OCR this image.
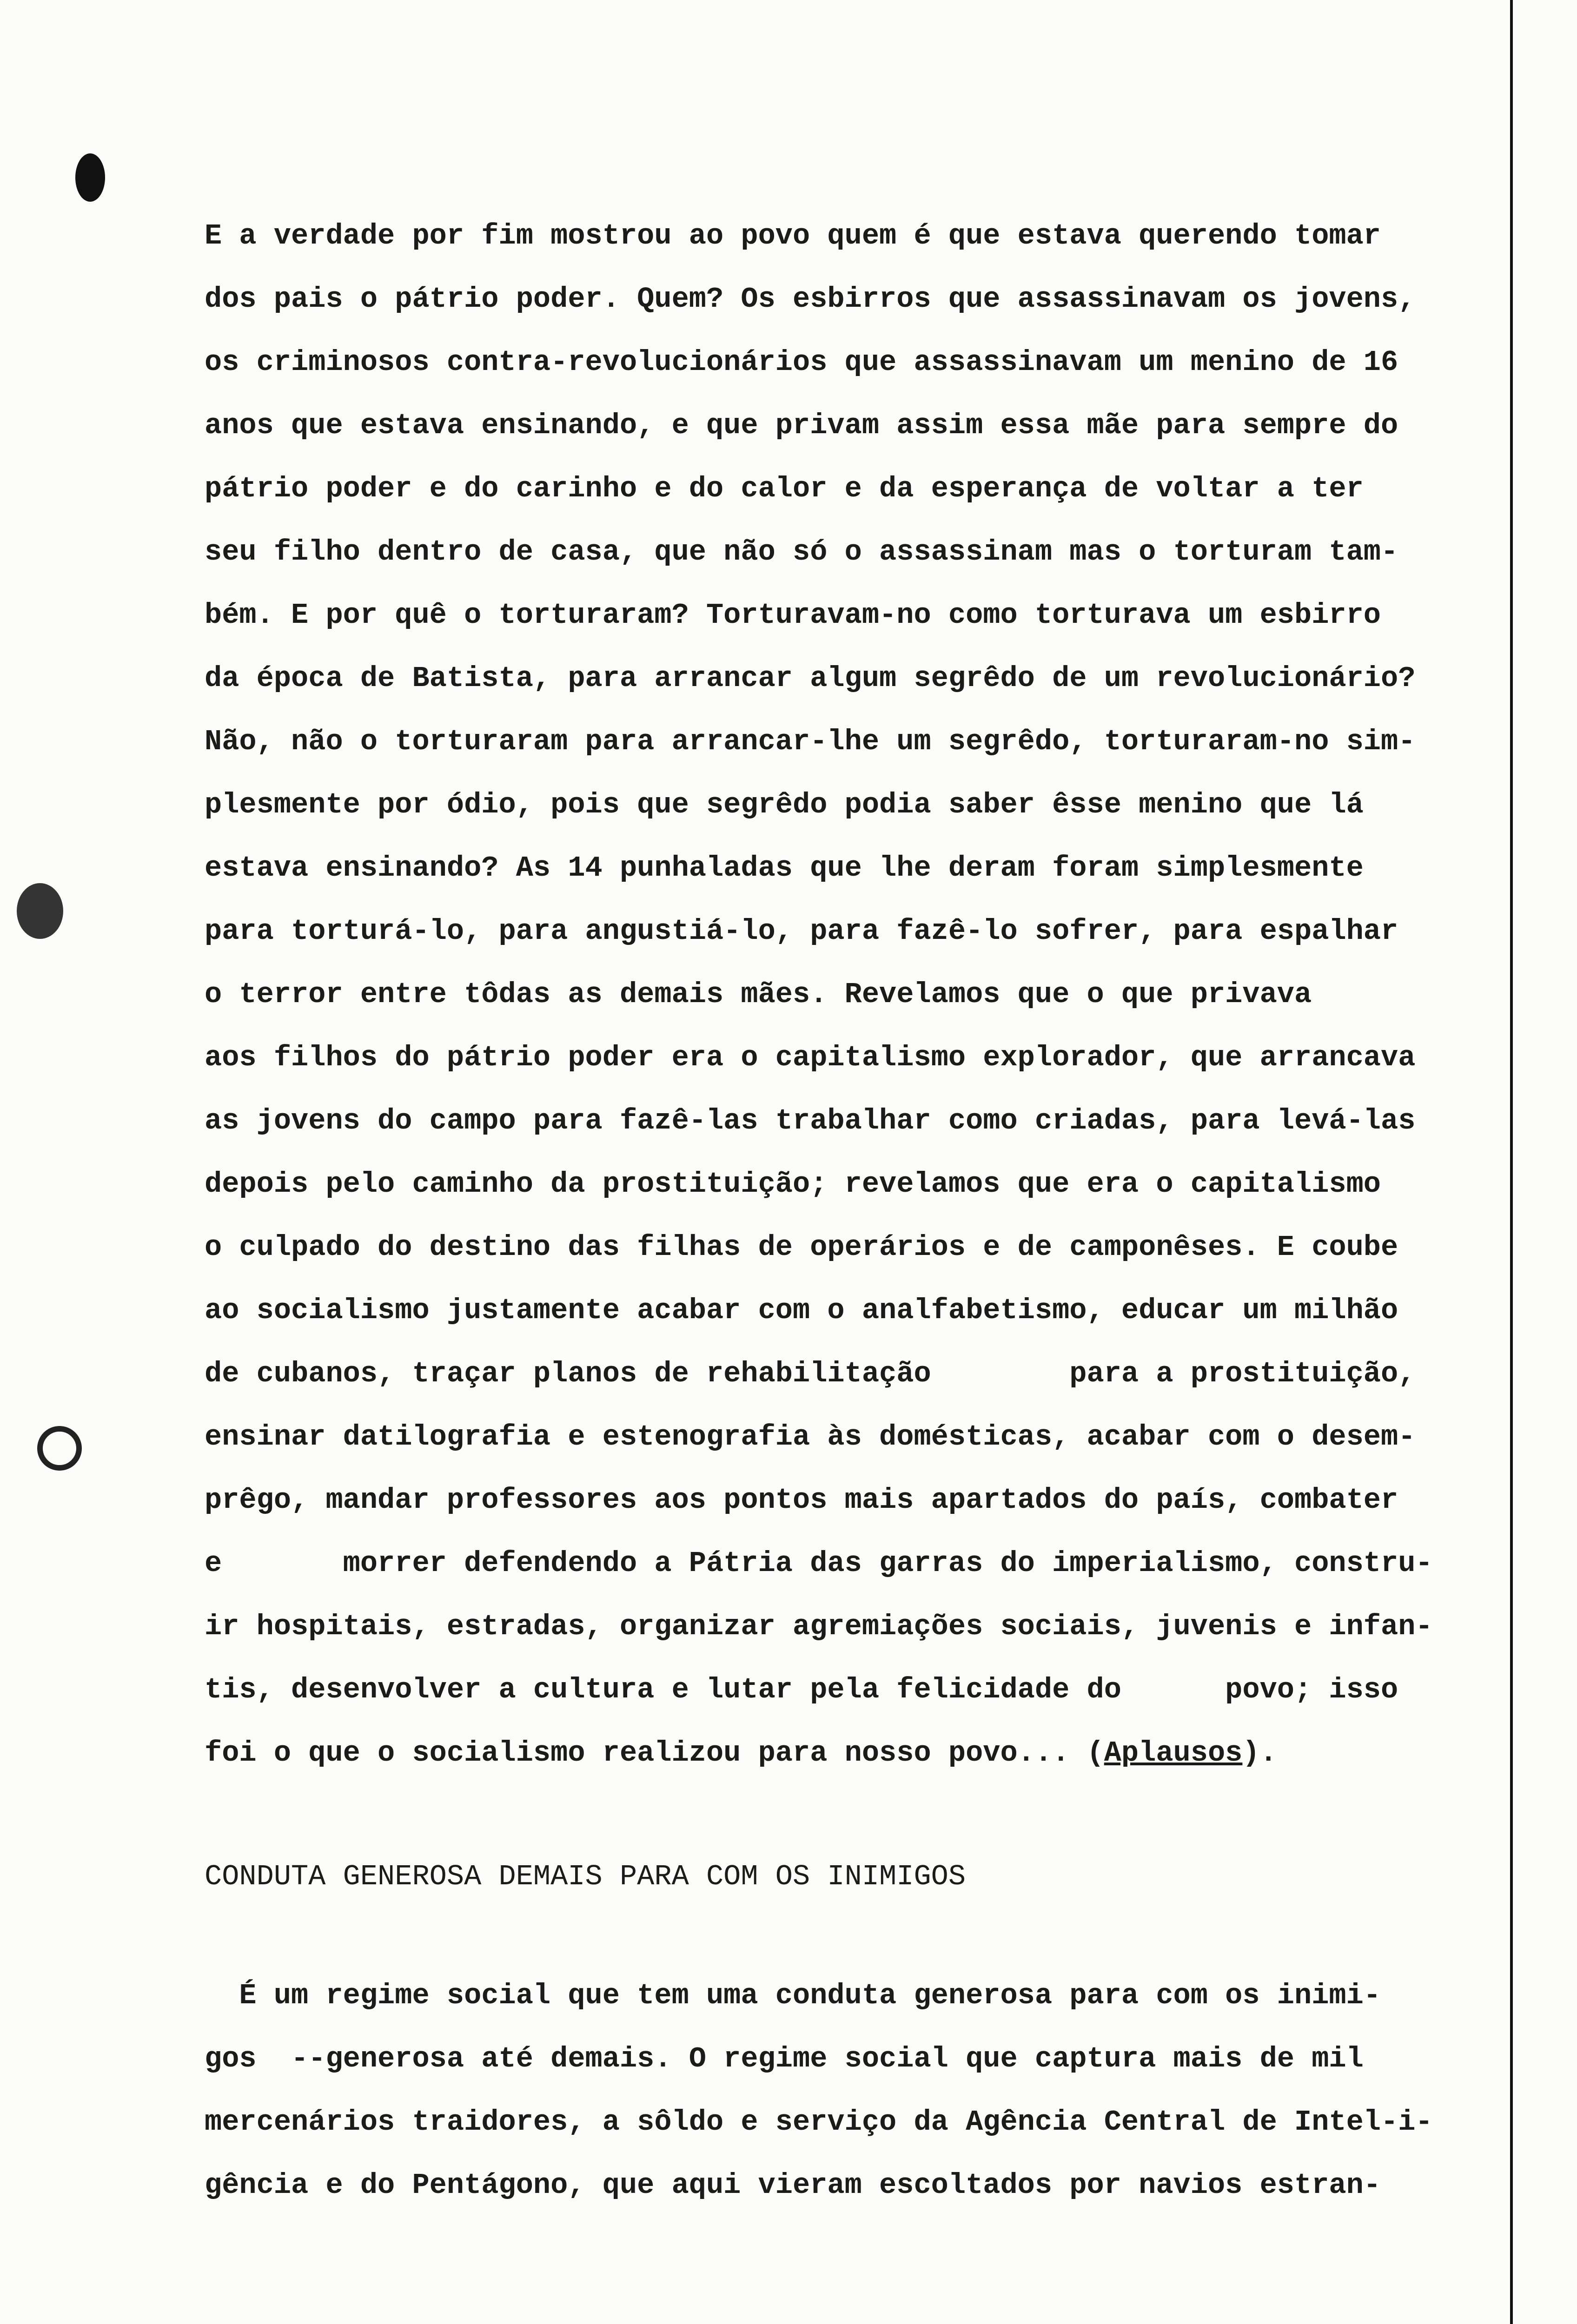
E a verdade por fim mostrou ao povo quem é que estava querendo tomar
dos pais o pátrio poder. Quem? Os esbirros que assassinavam os jovens,
os criminosos contra-revolucionários que assassinavam um menino de 16
anos que estava ensinando, e que privam assim essa mãe para sempre do
pátrio poder e do carinho e do calor e da esperança de voltar a ter
seu filho dentro de casa, que não só o assassinam mas o torturam tam-
bém. E por quê o torturaram? Torturavam-no como torturava um esbirro
da época de Batista, para arrancar algum segrêdo de um revolucionário?
Não, não o torturaram para arrancar-lhe um segrêdo, torturaram-no sim-
plesmente por ódio, pois que segrêdo podia saber êsse menino que lá
estava ensinando? As 14 punhaladas que lhe deram foram simplesmente
para torturá-lo, para angustiá-lo, para fazê-lo sofrer, para espalhar
o terror entre tôdas as demais mães. Revelamos que o que privava
aos filhos do pátrio poder era o capitalismo explorador, que arrancava
as jovens do campo para fazê-las trabalhar como criadas, para levá-las
depois pelo caminho da prostituição; revelamos que era o capitalismo
o culpado do destino das filhas de operários e de camponêses. E coube
ao socialismo justamente acabar com o analfabetismo, educar um milhão
de cubanos, traçar planos de rehabilitação        para a prostituição,
ensinar datilografia e estenografia às domésticas, acabar com o desem-
prêgo, mandar professores aos pontos mais apartados do país, combater
e       morrer defendendo a Pátria das garras do imperialismo, constru-
ir hospitais, estradas, organizar agremiações sociais, juvenis e infan-
tis, desenvolver a cultura e lutar pela felicidade do      povo; isso
foi o que o socialismo realizou para nosso povo... (Aplausos).
CONDUTA GENEROSA DEMAIS PARA COM OS INIMIGOS
É um regime social que tem uma conduta generosa para com os inimi-
gos  --generosa até demais. O regime social que captura mais de mil
mercenários traidores, a sôldo e serviço da Agência Central de Intel-i-
gência e do Pentágono, que aqui vieram escoltados por navios estran-
